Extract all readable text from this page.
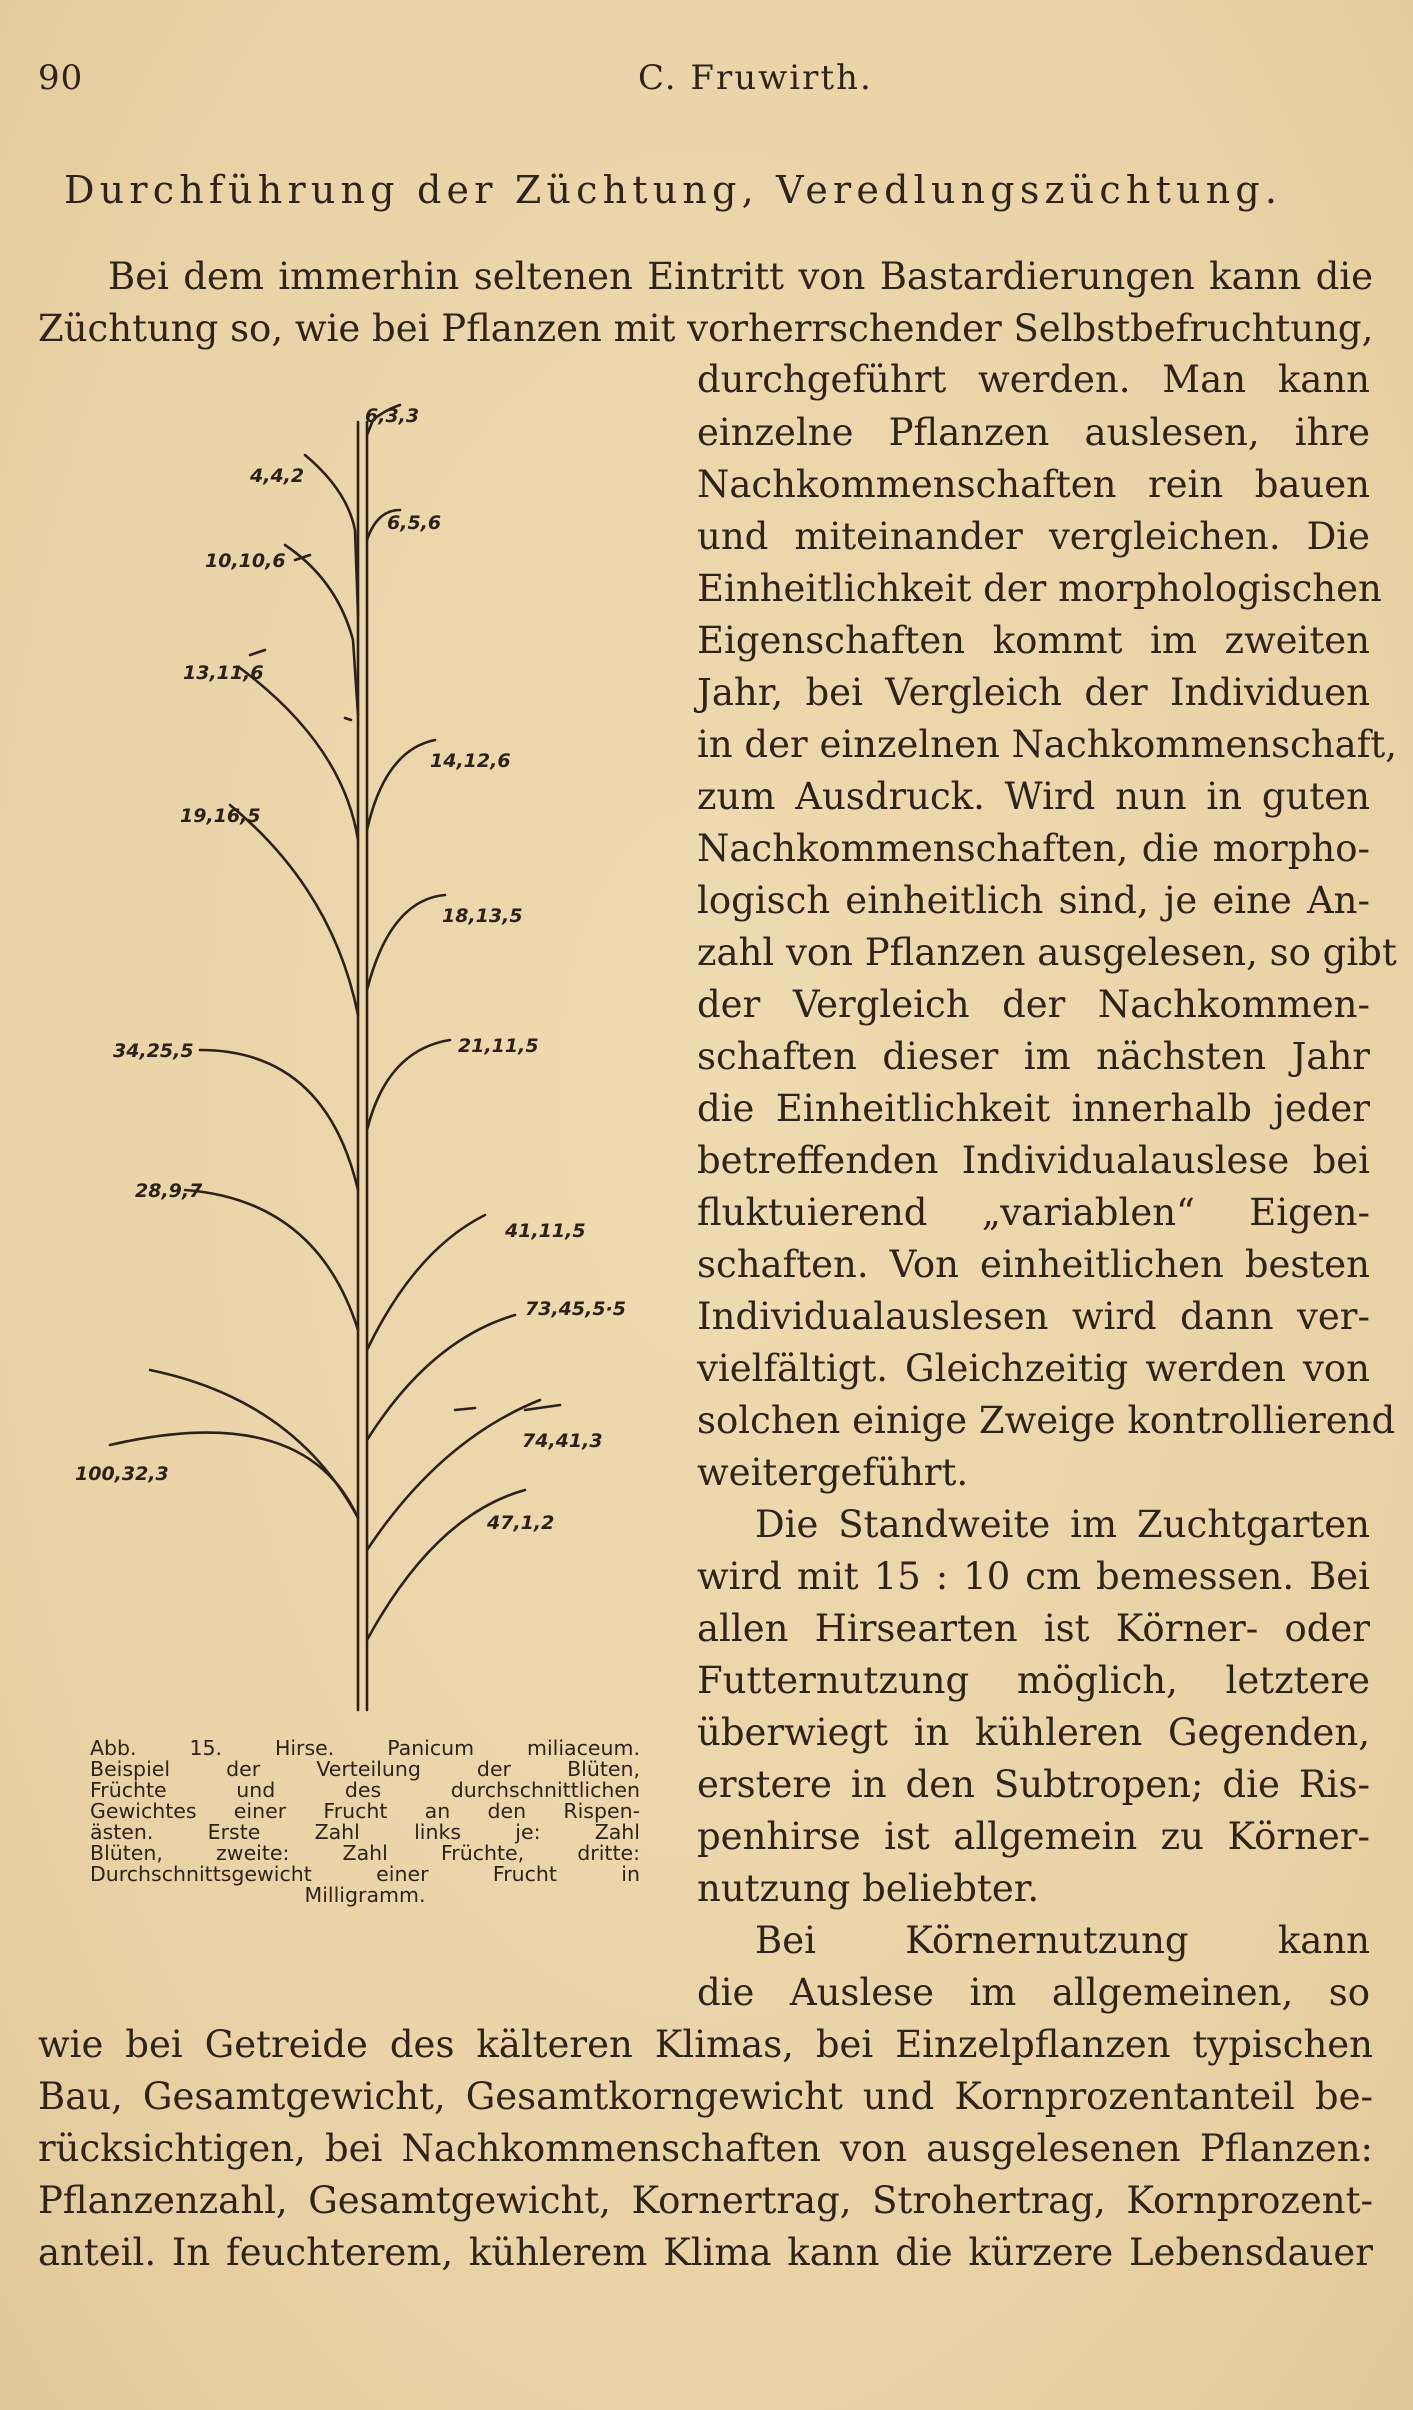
90	C. Fruwirth.
Durchführung der Züchtung, Veredlungszüchtung.
Bei dem immerhin seltenen Eintritt von Bastardierungen kann die
Züchtung so, wie bei Pflanzen mit vorherrschender Selbstbefruchtung,
durchgeführt werden. Man kann
einzelne Pflanzen auslesen, ihre
Nachkommenschaften rein bauen
und miteinander vergleichen. Die
Einheitlichkeit der morphologischen
Eigenschaften kommt im zweiten
Jahr, bei Vergleich der Individuen
in der einzelnen Nachkommenschaft,
zum Ausdruck. Wird nun in guten
Nachkommenschaften, die morpho-
logisch einheitlich sind, je eine An-
zahl von Pflanzen ausgelesen, so gibt
der Vergleich der Nachkommen-
schaften dieser im nächsten Jahr
die Einheitlichkeit innerhalb jeder
betreffenden Individualauslese bei
fluktuierend „variablen“ Eigen-
schaften. Von einheitlichen besten
Individualauslesen wird dann ver-
vielfältigt. Gleichzeitig werden von
solchen einige Zweige kontrollierend
weitergeführt.
Die Standweite im Zuchtgarten
wird mit 15 : 10 cm bemessen. Bei
allen Hirsearten ist Körner- oder
Futternutzung möglich, letztere
überwiegt in kühleren Gegenden,
erstere in den Subtropen; die Ris-
penhirse ist allgemein zu Körner-
nutzung beliebter.
Bei Körnernutzung kann
die Auslese im allgemeinen, so
wie bei Getreide des kälteren Klimas, bei Einzelpflanzen typischen
Bau, Gesamtgewicht, Gesamtkorngewicht und Kornprozentanteil be-
rücksichtigen, bei Nachkommenschaften von ausgelesenen Pflanzen:
Pflanzenzahl, Gesamtgewicht, Kornertrag, Strohertrag, Kornprozent-
anteil. In feuchterem, kühlerem Klima kann die kürzere Lebensdauer
6,3,3
4,4,2
6,5,6
10,10,6
13,11,6
14,12,6
19,16,5
18,13,5
34,25,5	21,11,5
28,9,7
41,11,5
73,45,5·5
100,32,3
74,41,3
47,1,2
Abb. 15. Hirse. Panicum miliaceum.
Beispiel der Verteilung der Blüten,
Früchte und des durchschnittlichen
Gewichtes einer Frucht an den Rispen-
ästen. Erste Zahl links je: Zahl
Blüten, zweite: Zahl Früchte, dritte:
Durchschnittsgewicht einer Frucht in
Milligramm.
